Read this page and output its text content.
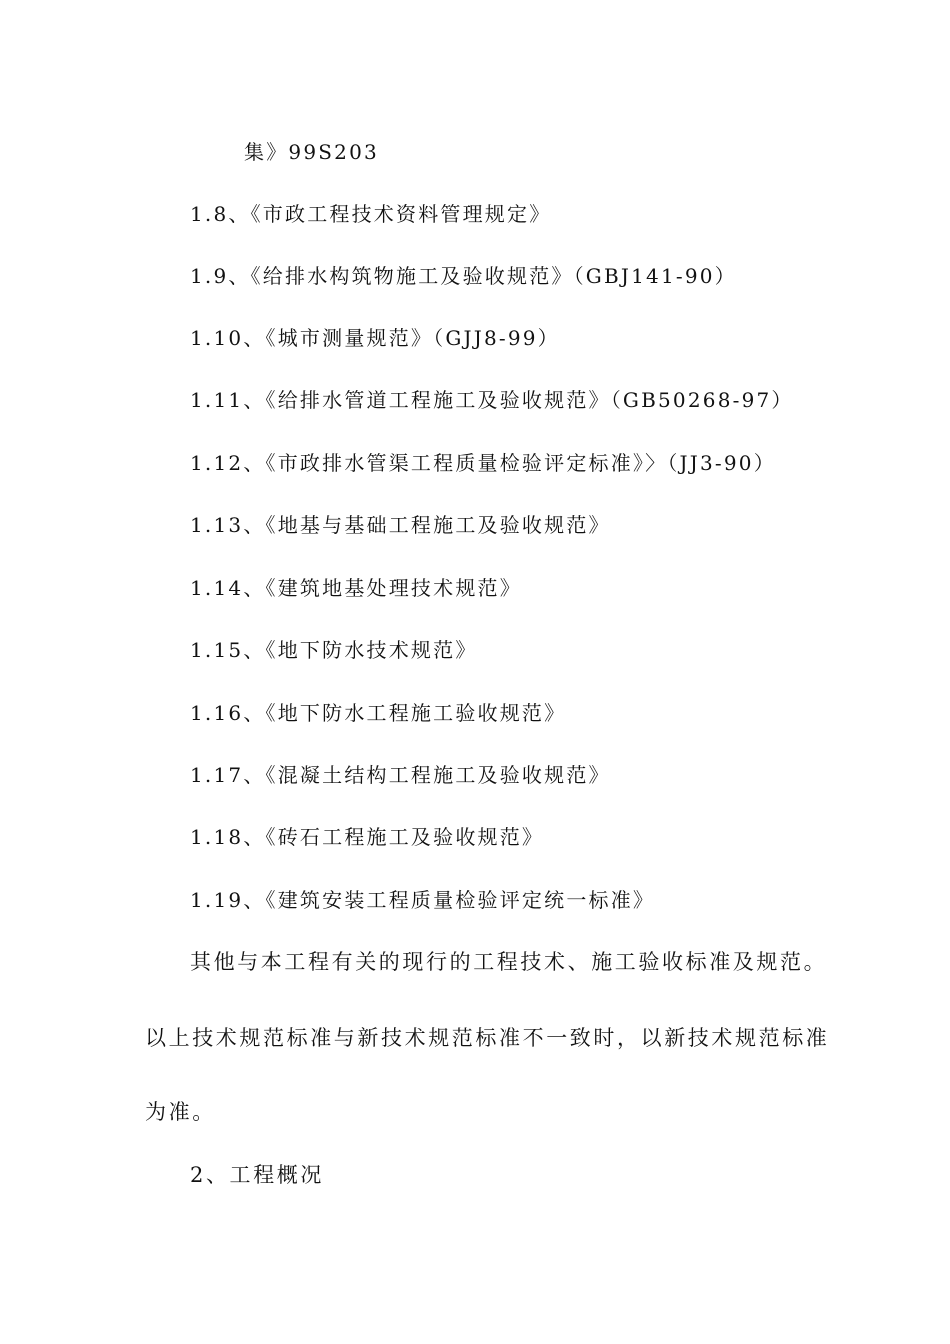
集》99S203
1.8、《市政工程技术资料管理规定》
1.9、《给排水构筑物施工及验收规范》（GBJ141-90）
1.10、《城市测量规范》（GJJ8-99）
1.11、《给排水管道工程施工及验收规范》（GB50268-97）
1.12、《市政排水管渠工程质量检验评定标准》〉（JJ3-90）
1.13、《地基与基础工程施工及验收规范》
1.14、《建筑地基处理技术规范》
1.15、《地下防水技术规范》
1.16、《地下防水工程施工验收规范》
1.17、《混凝土结构工程施工及验收规范》
1.18、《砖石工程施工及验收规范》
1.19、《建筑安装工程质量检验评定统一标准》
其他与本工程有关的现行的工程技术、施工验收标准及规范。
以上技术规范标准与新技术规范标准不一致时，以新技术规范标准
为准。
2、工程概况
